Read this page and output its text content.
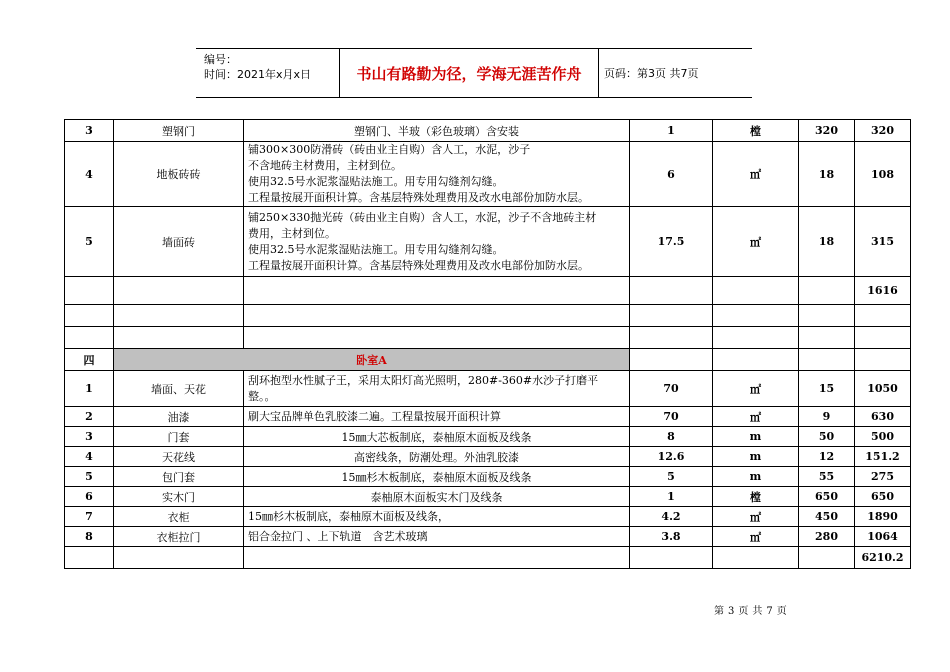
编号：
时间：2021年x月x日	书山有路勤为径，学海无涯苦作舟	页码：第3页 共7页
3	塑钢门	塑钢门、半玻（彩色玻璃）含安装	1	樘	320	320
4	地板砖砖	铺300×300防滑砖（砖由业主自购）含人工，水泥，沙子
不含地砖主材费用，主材到位。
使用32.5号水泥浆湿贴法施工。用专用勾缝剂勾缝。
工程量按展开面积计算。含基层特殊处理费用及改水电部份加防水层。	6	㎡	18	108
5	墙面砖	铺250×330抛光砖（砖由业主自购）含人工，水泥，沙子不含地砖主材
费用，主材到位。
使用32.5号水泥浆湿贴法施工。用专用勾缝剂勾缝。
工程量按展开面积计算。含基层特殊处理费用及改水电部份加防水层。	17.5	㎡	18	315
						1616

四	卧室A					
1	墙面、天花	刮环抱型水性腻子王，采用太阳灯高光照明，280#-360#水沙子打磨平
整。。	70	㎡	15	1050
2	油漆	刷大宝品牌单色乳胶漆二遍。工程量按展开面积计算	70	㎡	9	630
3	门套	15㎜大芯板制底，泰柚原木面板及线条	8	m	50	500
4	天花线	高密线条，防潮处理。外油乳胶漆	12.6	m	12	151.2
5	包门套	15㎜杉木板制底，泰柚原木面板及线条	5	m	55	275
6	实木门	泰柚原木面板实木门及线条	1	樘	650	650
7	衣柜	15㎜杉木板制底，泰柚原木面板及线条，	4.2	㎡	450	1890
8	衣柜拉门	铝合金拉门 、上下轨道　含艺术玻璃	3.8	㎡	280	1064
						6210.2
第 3 页 共 7 页
